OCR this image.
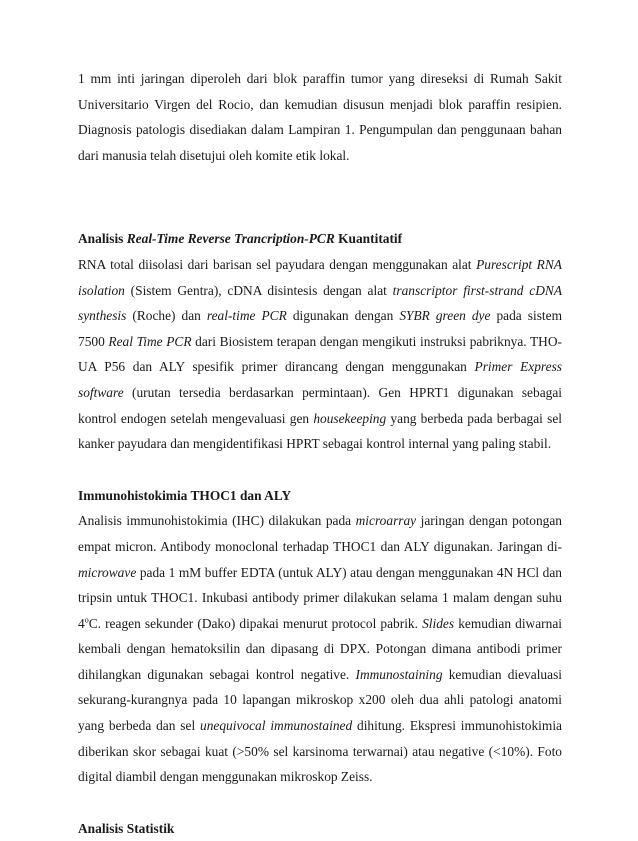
1 mm inti jaringan diperoleh dari blok paraffin tumor yang direseksi di Rumah Sakit Universitario Virgen del Rocio, dan kemudian disusun menjadi blok paraffin resipien. Diagnosis patologis disediakan dalam Lampiran 1. Pengumpulan dan penggunaan bahan dari manusia telah disetujui oleh komite etik lokal.

Analisis Real-Time Reverse Trancription-PCR Kuantitatif

RNA total diisolasi dari barisan sel payudara dengan menggunakan alat Purescript RNA isolation (Sistem Gentra), cDNA disintesis dengan alat transcriptor first-strand cDNA synthesis (Roche) dan real-time PCR digunakan dengan SYBR green dye pada sistem 7500 Real Time PCR dari Biosistem terapan dengan mengikuti instruksi pabriknya. THO-UA P56 dan ALY spesifik primer dirancang dengan menggunakan Primer Express software (urutan tersedia berdasarkan permintaan). Gen HPRT1 digunakan sebagai kontrol endogen setelah mengevaluasi gen housekeeping yang berbeda pada berbagai sel kanker payudara dan mengidentifikasi HPRT sebagai kontrol internal yang paling stabil.

Immunohistokimia THOC1 dan ALY

Analisis immunohistokimia (IHC) dilakukan pada microarray jaringan dengan potongan empat micron. Antibody monoclonal terhadap THOC1 dan ALY digunakan. Jaringan di-microwave pada 1 mM buffer EDTA (untuk ALY) atau dengan menggunakan 4N HCl dan tripsin untuk THOC1. Inkubasi antibody primer dilakukan selama 1 malam dengan suhu 4$^o$C. reagen sekunder (Dako) dipakai menurut protocol pabrik. Slides kemudian diwarnai kembali dengan hematoksilin dan dipasang di DPX. Potongan dimana antibodi primer dihilangkan digunakan sebagai kontrol negative. Immunostaining kemudian dievaluasi sekurang-kurangnya pada 10 lapangan mikroskop x200 oleh dua ahli patologi anatomi yang berbeda dan sel unequivocal immunostained dihitung. Ekspresi immunohistokimia diberikan skor sebagai kuat (>50% sel karsinoma terwarnai) atau negative (<10%). Foto digital diambil dengan menggunakan mikroskop Zeiss.

Analisis Statistik
